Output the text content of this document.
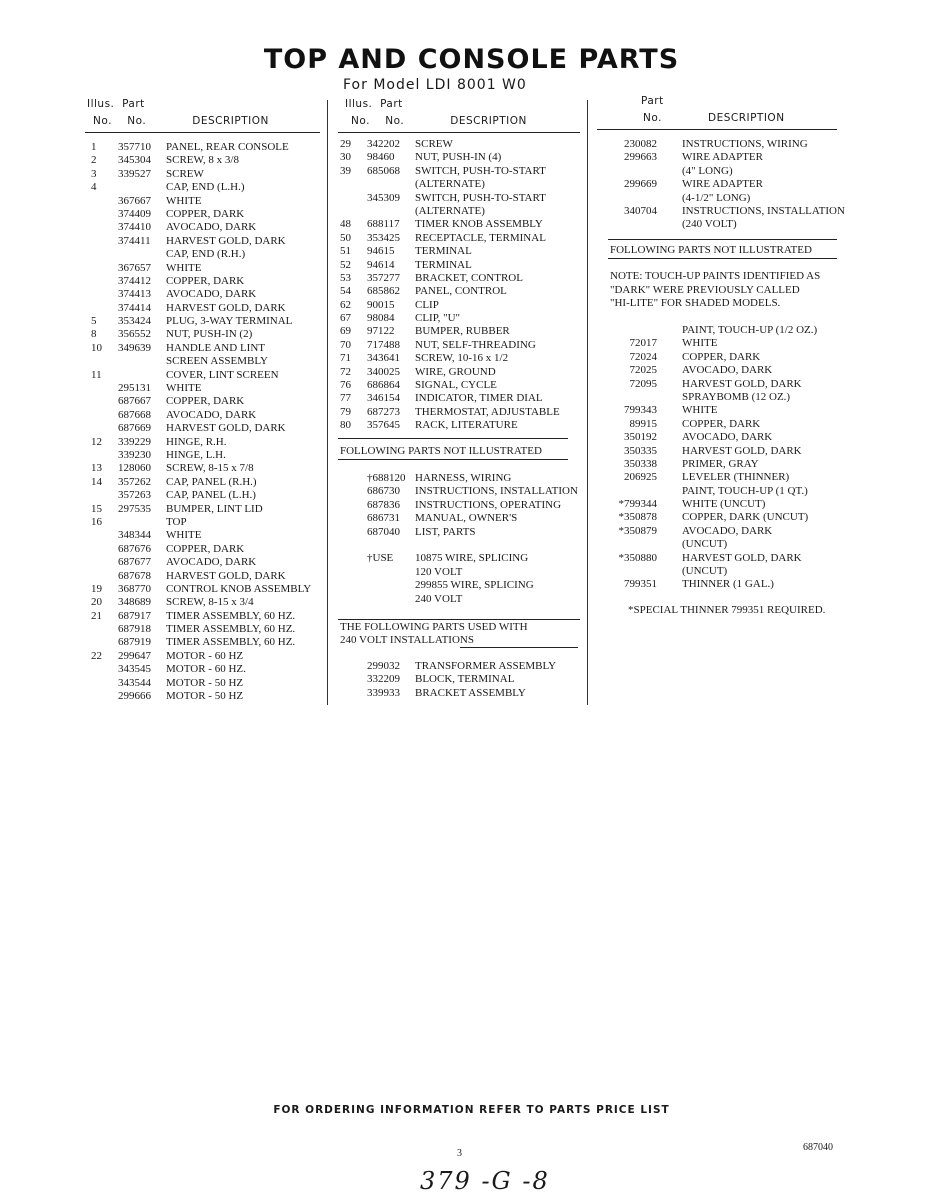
TOP AND CONSOLE PARTS
For Model LDI 8001 W0
Illus.  Part
No.    No.            DESCRIPTION
Illus.  Part
No.    No.            DESCRIPTION
Part
No.            DESCRIPTION
1 357710 PANEL, REAR CONSOLE
2 345304 SCREW, 8 x 3/8
3 339527 SCREW
4	CAP, END (L.H.)
367667 WHITE
374409 COPPER, DARK
374410 AVOCADO, DARK
374411 HARVEST GOLD, DARK
CAP, END (R.H.)
367657 WHITE
374412 COPPER, DARK
374413 AVOCADO, DARK
374414 HARVEST GOLD, DARK
5 353424 PLUG, 3-WAY TERMINAL
8 356552 NUT, PUSH-IN (2)
10 349639 HANDLE AND LINT
SCREEN ASSEMBLY
11	COVER, LINT SCREEN
295131 WHITE
687667 COPPER, DARK
687668 AVOCADO, DARK
687669 HARVEST GOLD, DARK
12 339229 HINGE, R.H.
339230 HINGE, L.H.
13 128060 SCREW, 8-15 x 7/8
14 357262 CAP, PANEL (R.H.)
357263 CAP, PANEL (L.H.)
15 297535 BUMPER, LINT LID
16	TOP
348344 WHITE
687676 COPPER, DARK
687677 AVOCADO, DARK
687678 HARVEST GOLD, DARK
19 368770 CONTROL KNOB ASSEMBLY
20 348689 SCREW, 8-15 x 3/4
21 687917 TIMER ASSEMBLY, 60 HZ.
687918 TIMER ASSEMBLY, 60 HZ.
687919 TIMER ASSEMBLY, 60 HZ.
22 299647 MOTOR - 60 HZ
343545 MOTOR - 60 HZ.
343544 MOTOR - 50 HZ
299666 MOTOR - 50 HZ
29 342202 SCREW
30 98460 NUT, PUSH-IN (4)
39 685068 SWITCH, PUSH-TO-START
(ALTERNATE)
345309 SWITCH, PUSH-TO-START
(ALTERNATE)
48 688117 TIMER KNOB ASSEMBLY
50 353425 RECEPTACLE, TERMINAL
51 94615 TERMINAL
52 94614 TERMINAL
53 357277 BRACKET, CONTROL
54 685862 PANEL, CONTROL
62 90015 CLIP
67 98084 CLIP, "U"
69 97122 BUMPER, RUBBER
70 717488 NUT, SELF-THREADING
71 343641 SCREW, 10-16 x 1/2
72 340025 WIRE, GROUND
76 686864 SIGNAL, CYCLE
77 346154 INDICATOR, TIMER DIAL
79 687273 THERMOSTAT, ADJUSTABLE
80 357645 RACK, LITERATURE
FOLLOWING PARTS NOT ILLUSTRATED
†688120 HARNESS, WIRING
686730 INSTRUCTIONS, INSTALLATION
687836 INSTRUCTIONS, OPERATING
686731 MANUAL, OWNER'S
687040 LIST, PARTS
†USE 10875 WIRE, SPLICING
120 VOLT
299855 WIRE, SPLICING
240 VOLT
THE FOLLOWING PARTS USED WITH
240 VOLT INSTALLATIONS
299032 TRANSFORMER ASSEMBLY
332209 BLOCK, TERMINAL
339933 BRACKET ASSEMBLY
230082 INSTRUCTIONS, WIRING
299663 WIRE ADAPTER
(4" LONG)
299669 WIRE ADAPTER
(4-1/2" LONG)
340704 INSTRUCTIONS, INSTALLATION
(240 VOLT)
FOLLOWING PARTS NOT ILLUSTRATED
NOTE: TOUCH-UP PAINTS IDENTIFIED AS
"DARK" WERE PREVIOUSLY CALLED
"HI-LITE" FOR SHADED MODELS.
PAINT, TOUCH-UP (1/2 OZ.)
72017 WHITE
72024 COPPER, DARK
72025 AVOCADO, DARK
72095 HARVEST GOLD, DARK
SPRAYBOMB (12 OZ.)
799343 WHITE
89915 COPPER, DARK
350192 AVOCADO, DARK
350335 HARVEST GOLD, DARK
350338 PRIMER, GRAY
206925 LEVELER (THINNER)
PAINT, TOUCH-UP (1 QT.)
*799344 WHITE (UNCUT)
*350878 COPPER, DARK (UNCUT)
*350879 AVOCADO, DARK
(UNCUT)
*350880 HARVEST GOLD, DARK
(UNCUT)
799351 THINNER (1 GAL.)
*SPECIAL THINNER 799351 REQUIRED.
FOR ORDERING INFORMATION REFER TO PARTS PRICE LIST
3
687040
379 -G -8
